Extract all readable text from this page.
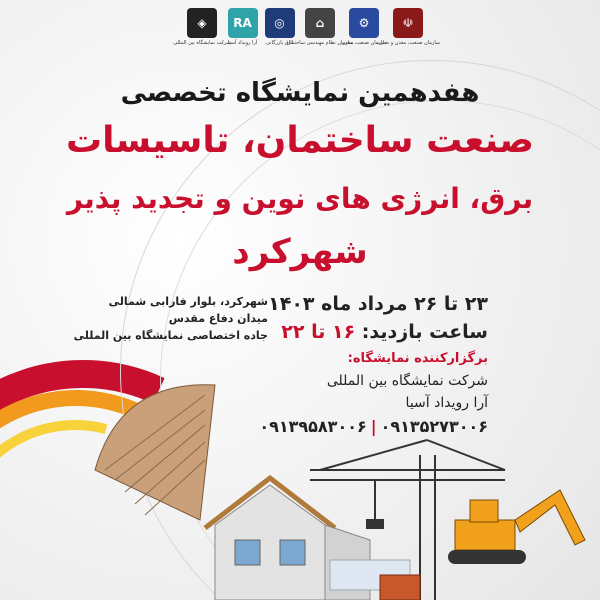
◈
شرکت نمایشگاه بین المللی
RA
آرا رویداد آسیا
◎
اتاق بازرگانی
⌂
سازمان نظام مهندسی ساختمان
⚙
سازمان صنعت، معدن
☫
سازمان صنعت، معدن و تجارت
هفدهمین نمایشگاه تخصصی
صنعت ساختمان، تاسیسات
برق، انرژی های نوین و تجدید پذیر
شهرکرد
۲۳ تا ۲۶ مرداد ماه ۱۴۰۳
ساعت بازدید: ۱۶ تا ۲۲
شهرکرد، بلوار فارابی شمالی
میدان دفاع مقدس
جاده اختصاصی نمایشگاه بین المللی
برگزارکننده نمایشگاه:
شرکت نمایشگاه بین المللی
آرا رویداد آسیا
۰۹۱۳۵۲۷۳۰۰۶|۰۹۱۳۹۵۸۳۰۰۶
